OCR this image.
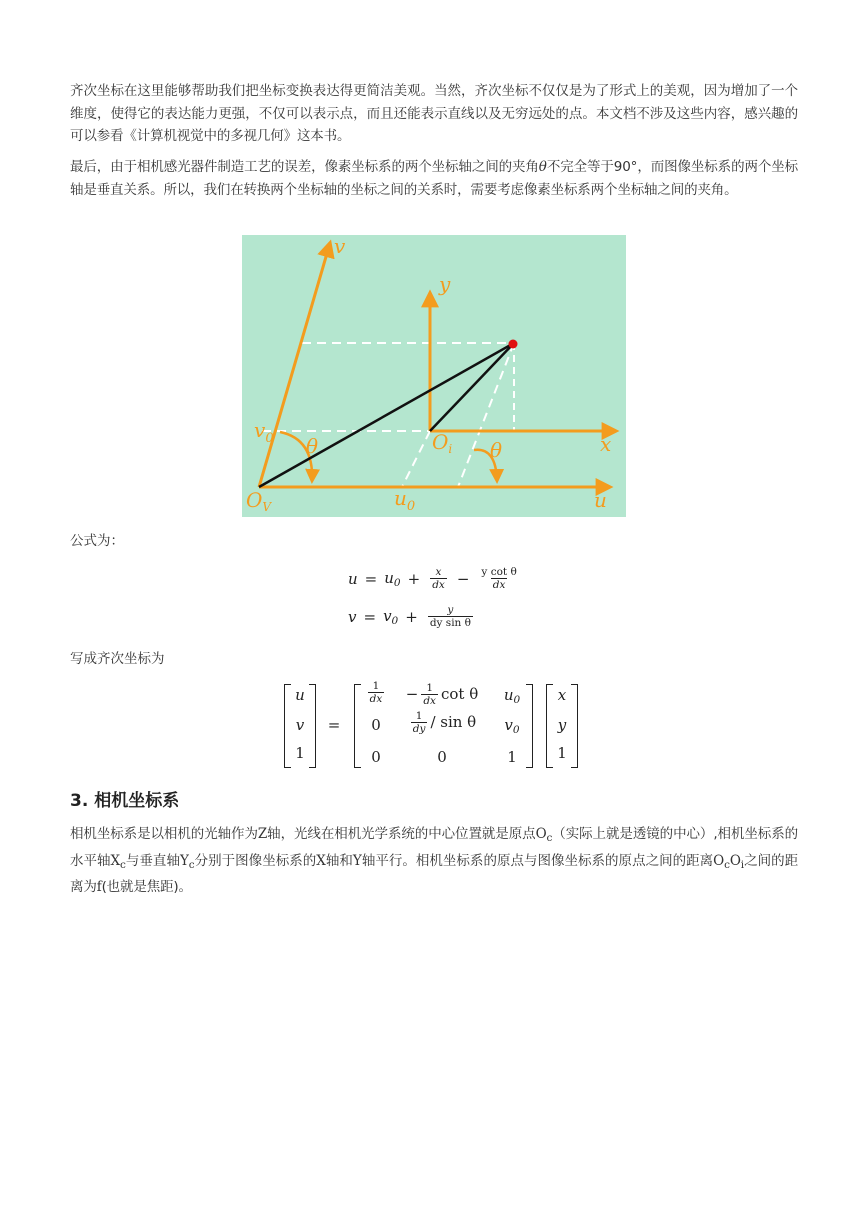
齐次坐标在这里能够帮助我们把坐标变换表达得更简洁美观。当然，齐次坐标不仅仅是为了形式上的美观，因为增加了一个维度，使得它的表达能力更强，不仅可以表示点，而且还能表示直线以及无穷远处的点。本文档不涉及这些内容，感兴趣的可以参看《计算机视觉中的多视几何》这本书。

最后，由于相机感光器件制造工艺的误差，像素坐标系的两个坐标轴之间的夹角θ不完全等于90°，而图像坐标系的两个坐标轴是垂直关系。所以，我们在转换两个坐标轴的坐标之间的关系时，需要考虑像素坐标系两个坐标轴之间的夹角。

v
y
x
u
θ	θ
$v_0$
$u_0$
$O_V$
$O_i$
公式为：
$u = u_0 + \frac{x}{dx} - \frac{\text{y cot θ}}{dx}$
$v = v_0 + \frac{y}{\text{dy sin θ}}$
写成齐次坐标为
u
v
1
=
$\frac{1}{dx}$	− $\frac{1}{dx}$ cot θ	$u_0$
0	$\frac{1}{dy}$ / sin θ	$v_0$
0	0	1
x
y
1
3. 相机坐标系

相机坐标系是以相机的光轴作为Z轴，光线在相机光学系统的中心位置就是原点$O_c$（实际上就是透镜的中心）,相机坐标系的水平轴$X_c$与垂直轴$Y_c$分别于图像坐标系的X轴和Y轴平行。相机坐标系的原点与图像坐标系的原点之间的距离$O_cO_i$之间的距离为f(也就是焦距)。
